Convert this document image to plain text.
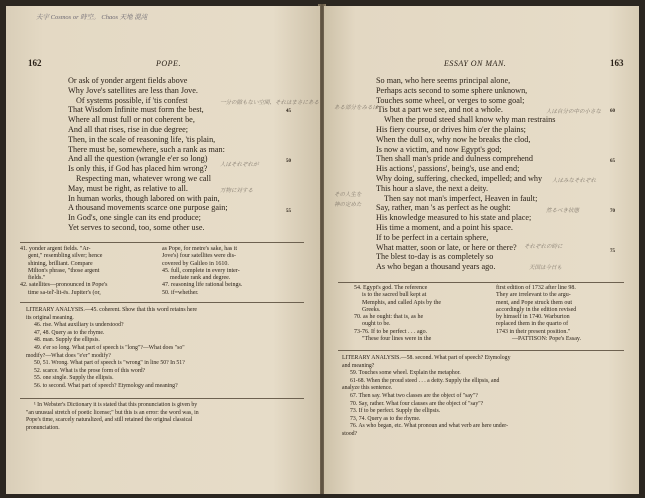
夫宇 Cosmos or 時空。 Chaos 天地 混沌
162	POPE.
Or ask of yonder argent fields above
Why Jove's satellites are less than Jove.
Of systems possible, if 'tis confest
That Wisdom Infinite must form the best,
Where all must full or not coherent be,
And all that rises, rise in due degree;
Then, in the scale of reasoning life, 'tis plain,
There must be, somewhere, such a rank as man:
And all the question (wrangle e'er so long)
Is only this, if God has placed him wrong?
Respecting man, whatever wrong we call
May, must be right, as relative to all.
In human works, though labored on with pain,
A thousand movements scarce one purpose gain;
In God's, one single can its end produce;
Yet serves to second, too, some other use.
45
50
55
一分の隙もない空間、それはまさにある
人はそれぞれが
万物に対する
41. yonder argent fields. "Ar-
gent," resembling silver; hence
shining, brilliant. Compare
Milton's phrase, "those argent
fields."
42. satellites—pronounced in Pope's
time sa-tel'-lit-ës. Jupiter's (or,
as Pope, for metre's sake, has it
Jove's) four satellites were dis-
covered by Galileo in 1610.
45. full, complete in every inter-
mediate rank and degree.
47. reasoning life rational beings.
50. if=whether.
LITERARY ANALYSIS.—45. coherent. Show that this word retains here
its original meaning.
46. rise. What auxiliary is understood?
47, 48. Query as to the rhyme.
48. man. Supply the ellipsis.
49. e'er so long. What part of speech is "long"?—What does "so"
modify?—What does "e'er" modify?
50, 51. Wrong. What part of speech is "wrong" in line 50? In 51?
52. scarce. What is the prose form of this word?
55. one single. Supply the ellipsis.
56. to second. What part of speech? Etymology and meaning?
¹ In Webster's Dictionary it is stated that this pronunciation is given by
"an unusual stretch of poetic license;" but this is an error: the word was, in
Pope's time, scarcely naturalized, and still retained the original classical
pronunciation.
ESSAY ON MAN.	163
So man, who here seems principal alone,
Perhaps acts second to some sphere unknown,
Touches some wheel, or verges to some goal;
'Tis but a part we see, and not a whole.
When the proud steed shall know why man restrains
His fiery course, or drives him o'er the plains;
When the dull ox, why now he breaks the clod,
Is now a victim, and now Egypt's god;
Then shall man's pride and dulness comprehend
His actions', passions', being's, use and end;
Why doing, suffering, checked, impelled; and why
This hour a slave, the next a deity.
Then say not man's imperfect, Heaven in fault;
Say, rather, man 's as perfect as he ought:
His knowledge measured to his state and place;
His time a moment, and a point his space.
If to be perfect in a certain sphere,
What matter, soon or late, or here or there?
The blest to-day is as completely so
As who began a thousand years ago.
60
65
70
75
ある部分をみるは
人は自分の中の小さな
その人生を
人はみなそれぞれ
神の定めた
然るべき状態
それぞれの時に
天国は今日も
54. Egypt's god. The reference
is to the sacred bull kept at
Memphis, and called Apis by the
Greeks.
70. as he ought: that is, as he
ought to be.
73-76. If to be perfect . . . ago.
"These four lines were in the
first edition of 1732 after line 98.
They are irrelevant to the argu-
ment, and Pope struck them out
accordingly in the edition revised
by himself in 1740. Warburton
replaced them in the quarto of
1743 in their present position."
—PATTISON: Pope's Essay.
LITERARY ANALYSIS.—58. second. What part of speech? Etymology
and meaning?
59. Touches some wheel. Explain the metaphor.
61-68. When the proud steed . . . a deity. Supply the ellipsis, and
analyze this sentence.
67. Then say. What two classes are the object of "say"?
70. Say, rather. What four clauses are the object of "say"?
73. If to be perfect. Supply the ellipsis.
73, 74. Query as to the rhyme.
76. As who began, etc. What pronoun and what verb are here under-
stood?
